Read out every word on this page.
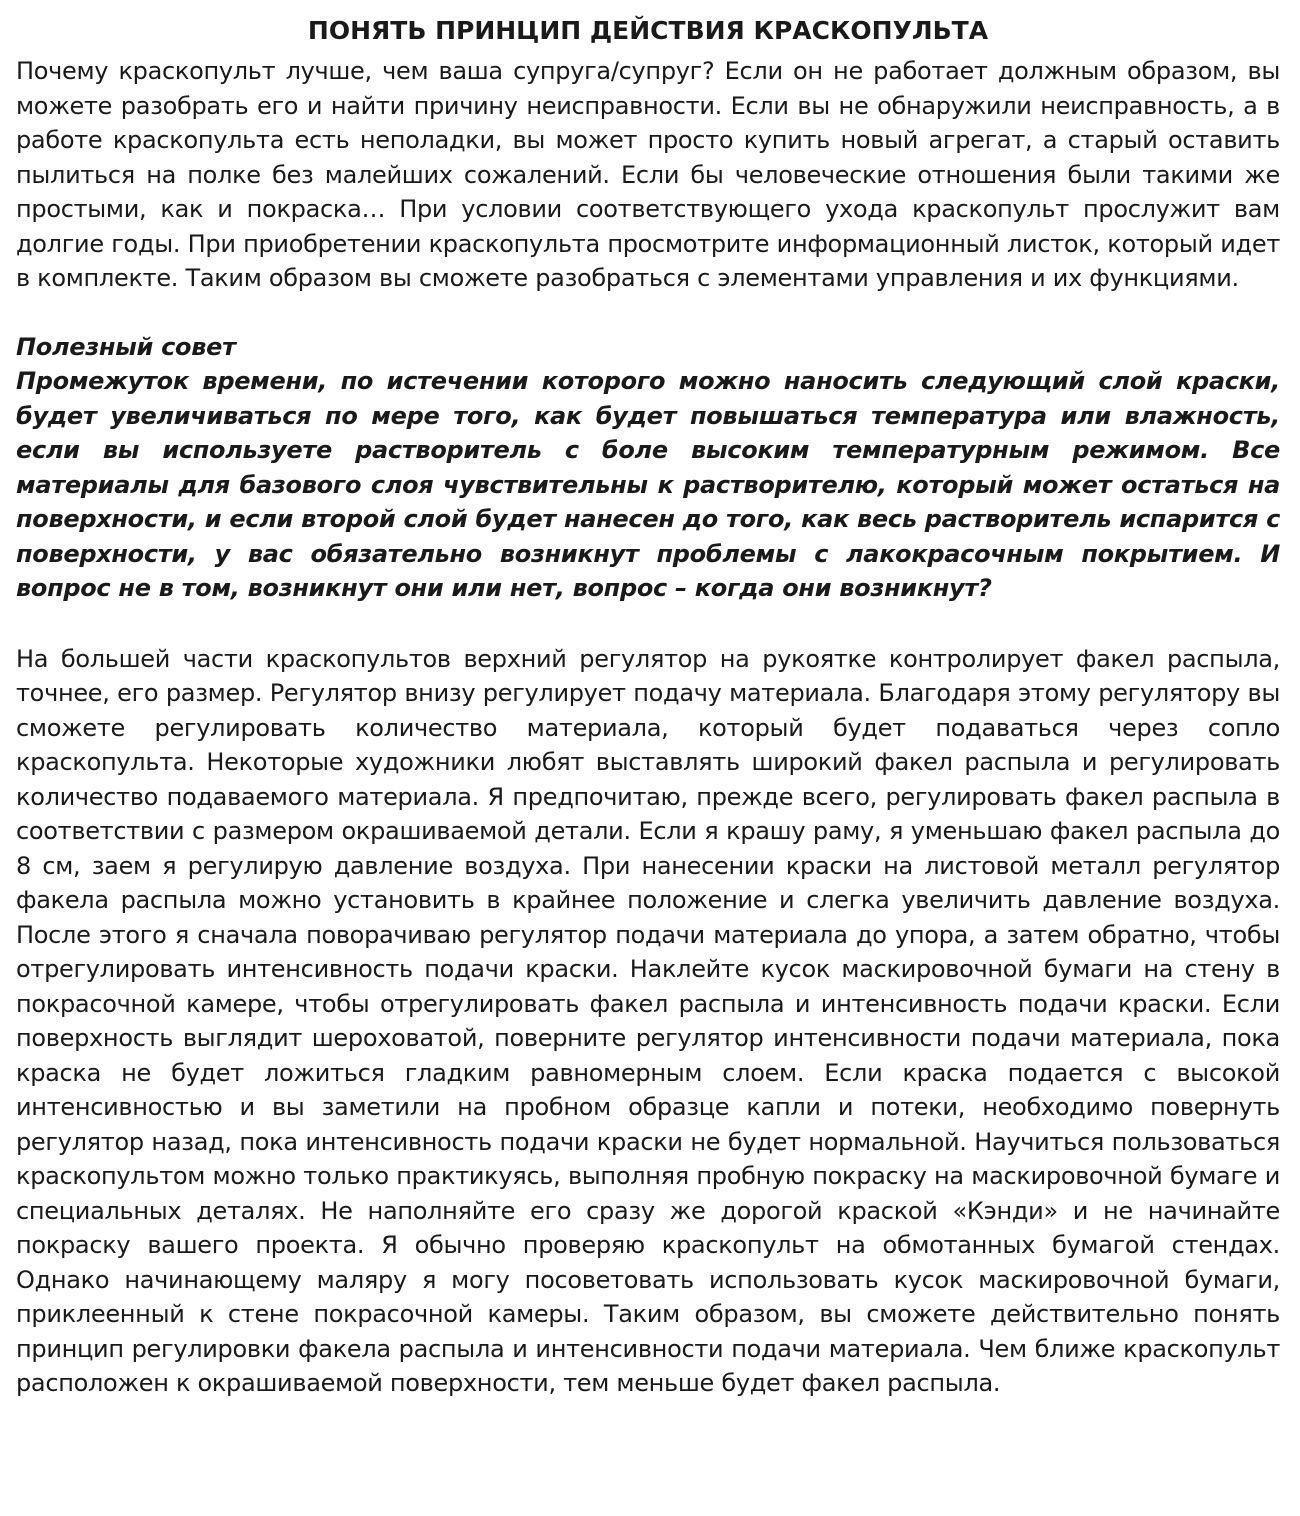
ПОНЯТЬ ПРИНЦИП ДЕЙСТВИЯ КРАСКОПУЛЬТА

Почему краскопульт лучше, чем ваша супруга/супруг? Если он не работает должным образом, вы можете разобрать его и найти причину неисправности. Если вы не обнаружили неисправность, а в работе краскопульта есть неполадки, вы может просто купить новый агрегат, а старый оставить пылиться на полке без малейших сожалений. Если бы человеческие отношения были такими же простыми, как и покраска… При условии соответствующего ухода краскопульт прослужит вам долгие годы. При приобретении краскопульта просмотрите информационный листок, который идет в комплекте. Таким образом вы сможете разобраться с элементами управления и их функциями.

Полезный совет

Промежуток времени, по истечении которого можно наносить следующий слой краски, будет увеличиваться по мере того, как будет повышаться температура или влажность, если вы используете растворитель с боле высоким температурным режимом. Все материалы для базового слоя чувствительны к растворителю, который может остаться на поверхности, и если второй слой будет нанесен до того, как весь растворитель испарится с поверхности, у вас обязательно возникнут проблемы с лакокрасочным покрытием. И вопрос не в том, возникнут они или нет, вопрос – когда они возникнут?

На большей части краскопультов верхний регулятор на рукоятке контролирует факел распыла, точнее, его размер. Регулятор внизу регулирует подачу материала. Благодаря этому регулятору вы сможете регулировать количество материала, который будет подаваться через сопло краскопульта. Некоторые художники любят выставлять широкий факел распыла и регулировать количество подаваемого материала. Я предпочитаю, прежде всего, регулировать факел распыла в соответствии с размером окрашиваемой детали. Если я крашу раму, я уменьшаю факел распыла до 8 см, заем я регулирую давление воздуха. При нанесении краски на листовой металл регулятор факела распыла можно установить в крайнее положение и слегка увеличить давление воздуха. После этого я сначала поворачиваю регулятор подачи материала до упора, а затем обратно, чтобы отрегулировать интенсивность подачи краски. Наклейте кусок маскировочной бумаги на стену в покрасочной камере, чтобы отрегулировать факел распыла и интенсивность подачи краски. Если поверхность выглядит шероховатой, поверните регулятор интенсивности подачи материала, пока краска не будет ложиться гладким равномерным слоем. Если краска подается с высокой интенсивностью и вы заметили на пробном образце капли и потеки, необходимо повернуть регулятор назад, пока интенсивность подачи краски не будет нормальной. Научиться пользоваться краскопультом можно только практикуясь, выполняя пробную покраску на маскировочной бумаге и специальных деталях. Не наполняйте его сразу же дорогой краской «Кэнди» и не начинайте покраску вашего проекта. Я обычно проверяю краскопульт на обмотанных бумагой стендах. Однако начинающему маляру я могу посоветовать использовать кусок маскировочной бумаги, приклеенный к стене покрасочной камеры. Таким образом, вы сможете действительно понять принцип регулировки факела распыла и интенсивности подачи материала. Чем ближе краскопульт расположен к окрашиваемой поверхности, тем меньше будет факел распыла.
